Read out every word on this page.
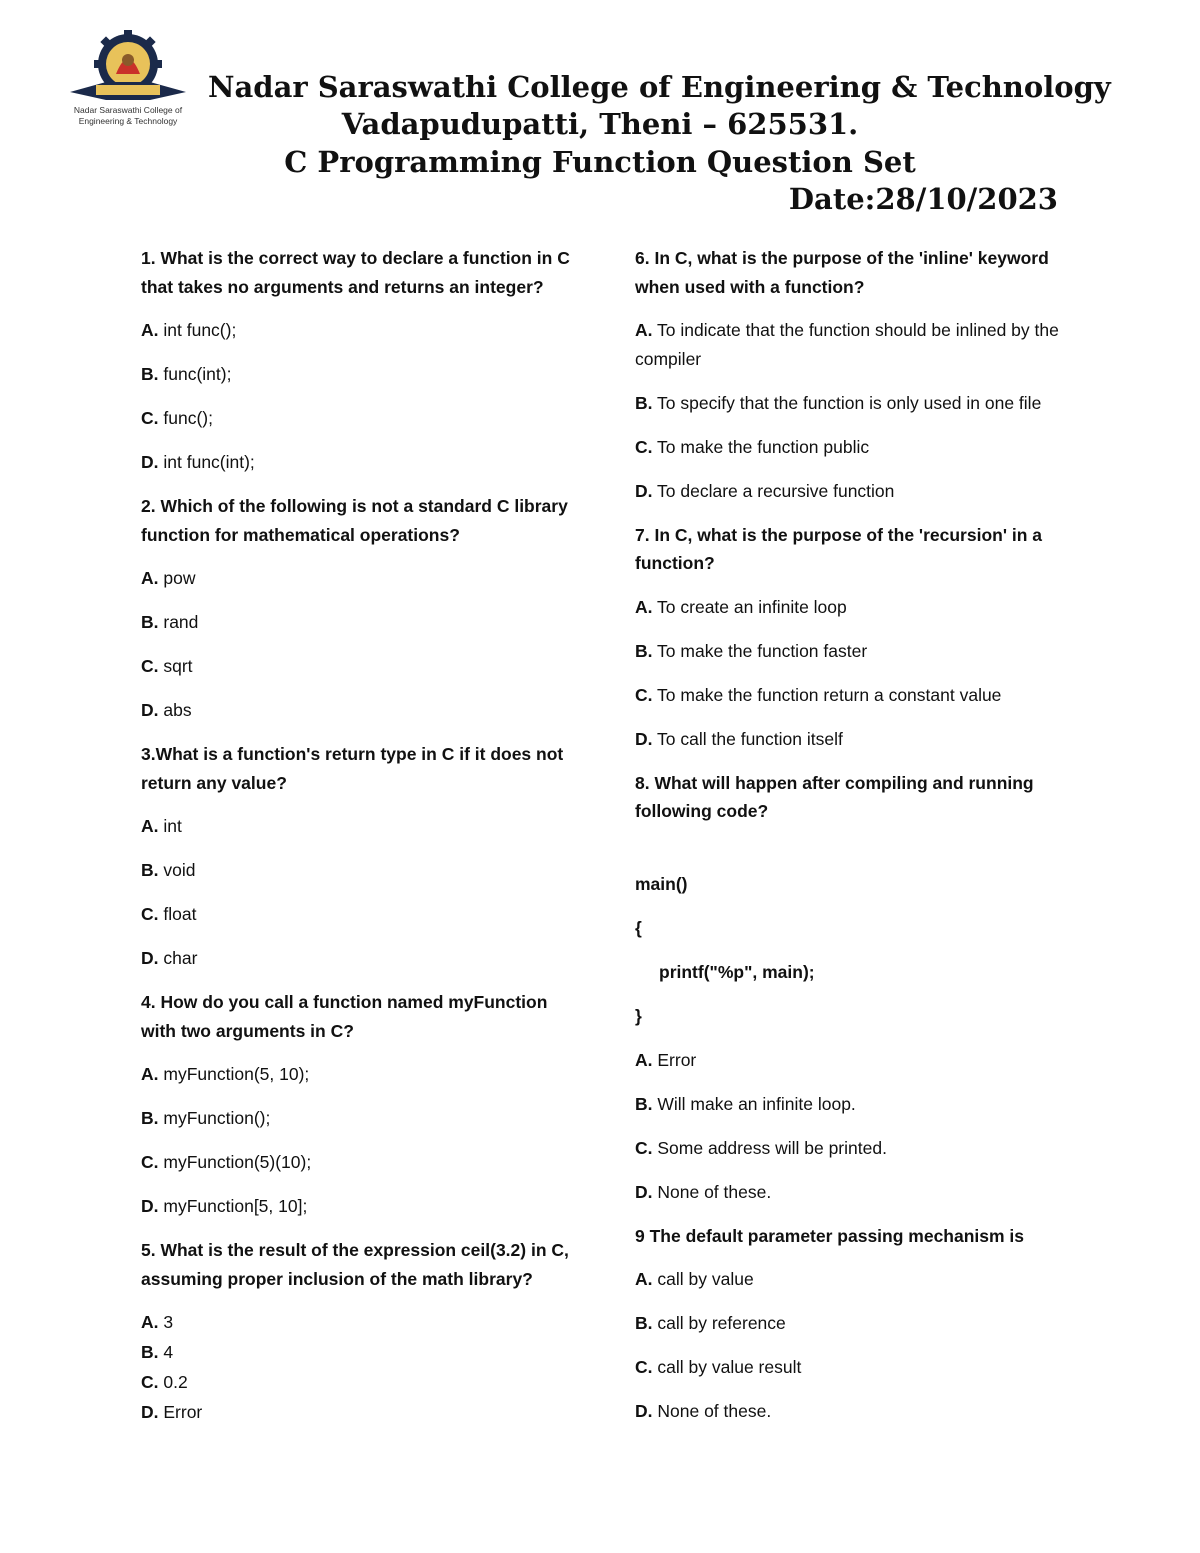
Nadar Saraswathi College of
Engineering & Technology
Nadar Saraswathi College of Engineering & Technology
Vadapudupatti, Theni – 625531.
C Programming Function Question Set
Date:28/10/2023
1. What is the correct way to declare a function in C that takes no arguments and returns an integer?
A. int func();
B. func(int);
C. func();
D. int func(int);
2. Which of the following is not a standard C library function for mathematical operations?
A. pow
B. rand
C. sqrt
D. abs
3.What is a function's return type in C if it does not return any value?
A. int
B. void
C. float
D. char
4. How do you call a function named myFunction with two arguments in C?
A. myFunction(5, 10);
B. myFunction();
C. myFunction(5)(10);
D. myFunction[5, 10];
5. What is the result of the expression ceil(3.2) in C, assuming proper inclusion of the math library?
A. 3
B. 4
C. 0.2
D. Error
6. In C, what is the purpose of the 'inline' keyword when used with a function?
A. To indicate that the function should be inlined by the compiler
B. To specify that the function is only used in one file
C. To make the function public
D. To declare a recursive function
7. In C, what is the purpose of the 'recursion' in a function?
A. To create an infinite loop
B. To make the function faster
C. To make the function return a constant value
D. To call the function itself
8. What will happen after compiling and running following code?
main()
{
printf("%p", main);
}
A. Error
B. Will make an infinite loop.
C. Some address will be printed.
D. None of these.
9 The default parameter passing mechanism is
A. call by value
B. call by reference
C. call by value result
D. None of these.
